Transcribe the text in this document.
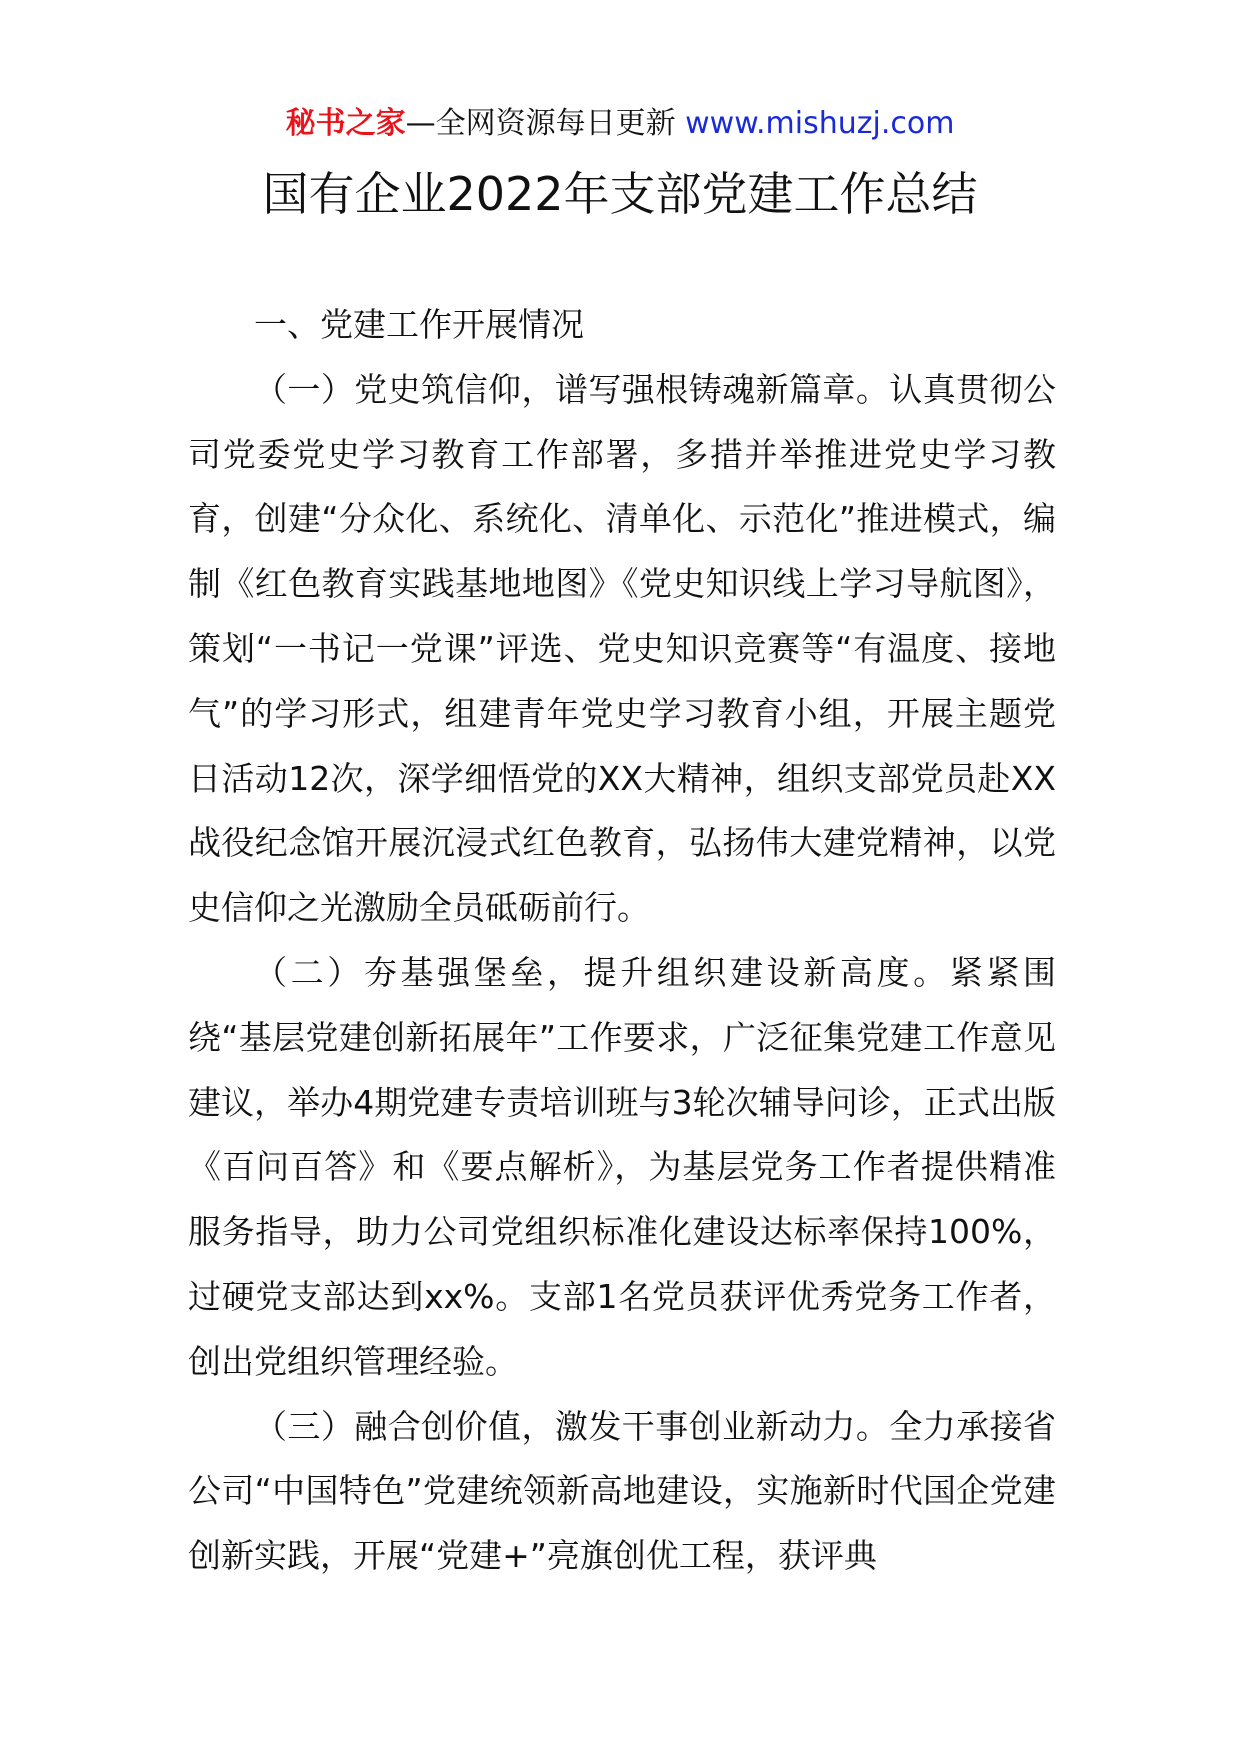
秘书之家—全网资源每日更新 www.mishuzj.com
国有企业2022年支部党建工作总结

一、党建工作开展情况

（一）党史筑信仰，谱写强根铸魂新篇章。认真贯彻公司党委党史学习教育工作部署，多措并举推进党史学习教育，创建“分众化、系统化、清单化、示范化”推进模式，编制《红色教育实践基地地图》《党史知识线上学习导航图》，策划“一书记一党课”评选、党史知识竞赛等“有温度、接地气”的学习形式，组建青年党史学习教育小组，开展主题党日活动12次，深学细悟党的XX大精神，组织支部党员赴XX战役纪念馆开展沉浸式红色教育，弘扬伟大建党精神，以党史信仰之光激励全员砥砺前行。

（二）夯基强堡垒，提升组织建设新高度。紧紧围绕“基层党建创新拓展年”工作要求，广泛征集党建工作意见建议，举办4期党建专责培训班与3轮次辅导问诊，正式出版《百问百答》和《要点解析》，为基层党务工作者提供精准服务指导，助力公司党组织标准化建设达标率保持100%，过硬党支部达到xx%。支部1名党员获评优秀党务工作者，创出党组织管理经验。

（三）融合创价值，激发干事创业新动力。全力承接省公司“中国特色”党建统领新高地建设，实施新时代国企党建创新实践，开展“党建+”亮旗创优工程，获评典
